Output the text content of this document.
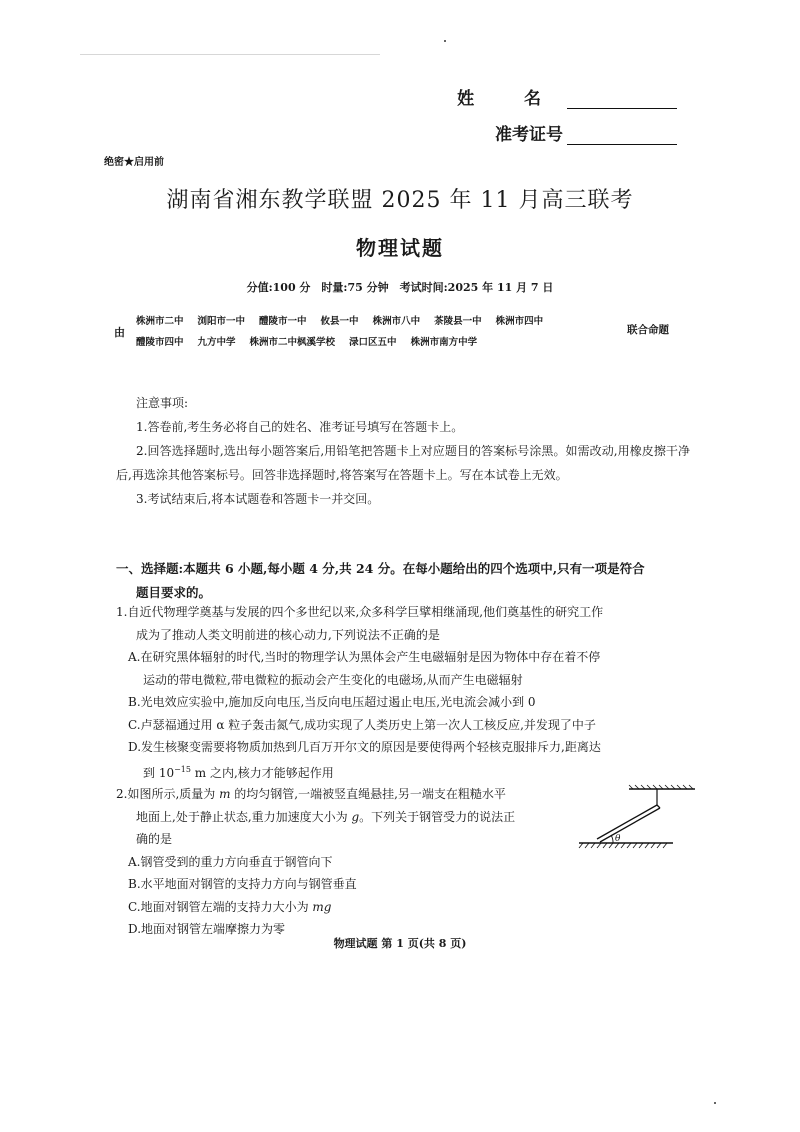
姓 名
准考证号
绝密★启用前
湖南省湘东教学联盟 2025 年 11 月高三联考
物理试题
分值:100 分　时量:75 分钟　考试时间:2025 年 11 月 7 日
由
株洲市二中 浏阳市一中 醴陵市一中 攸县一中 株洲市八中 茶陵县一中 株洲市四中
醴陵市四中 九方中学 株洲市二中枫溪学校 渌口区五中 株洲市南方中学
联合命题
注意事项:

1.答卷前,考生务必将自己的姓名、准考证号填写在答题卡上。

2.回答选择题时,选出每小题答案后,用铅笔把答题卡上对应题目的答案标号涂黑。如需改动,用橡皮擦干净后,再选涂其他答案标号。回答非选择题时,将答案写在答题卡上。写在本试卷上无效。

3.考试结束后,将本试题卷和答题卡一并交回。

一、选择题:本题共 6 小题,每小题 4 分,共 24 分。在每小题给出的四个选项中,只有一项是符合
题目要求的。
1.自近代物理学奠基与发展的四个多世纪以来,众多科学巨擘相继涌现,他们奠基性的研究工作
成为了推动人类文明前进的核心动力,下列说法不正确的是
A.在研究黑体辐射的时代,当时的物理学认为黑体会产生电磁辐射是因为物体中存在着不停
运动的带电微粒,带电微粒的振动会产生变化的电磁场,从而产生电磁辐射
B.光电效应实验中,施加反向电压,当反向电压超过遏止电压,光电流会减小到 0
C.卢瑟福通过用 α 粒子轰击氮气,成功实现了人类历史上第一次人工核反应,并发现了中子
D.发生核聚变需要将物质加热到几百万开尔文的原因是要使得两个轻核克服排斥力,距离达
到 $10^{-15}$ m 之内,核力才能够起作用
2.如图所示,质量为 m 的均匀钢管,一端被竖直绳悬挂,另一端支在粗糙水平
地面上,处于静止状态,重力加速度大小为 g。下列关于钢管受力的说法正
确的是
A.钢管受到的重力方向垂直于钢管向下
B.水平地面对钢管的支持力方向与钢管垂直
C.地面对钢管左端的支持力大小为 mg
D.地面对钢管左端摩擦力为零
θ
物理试题 第 1 页(共 8 页)
